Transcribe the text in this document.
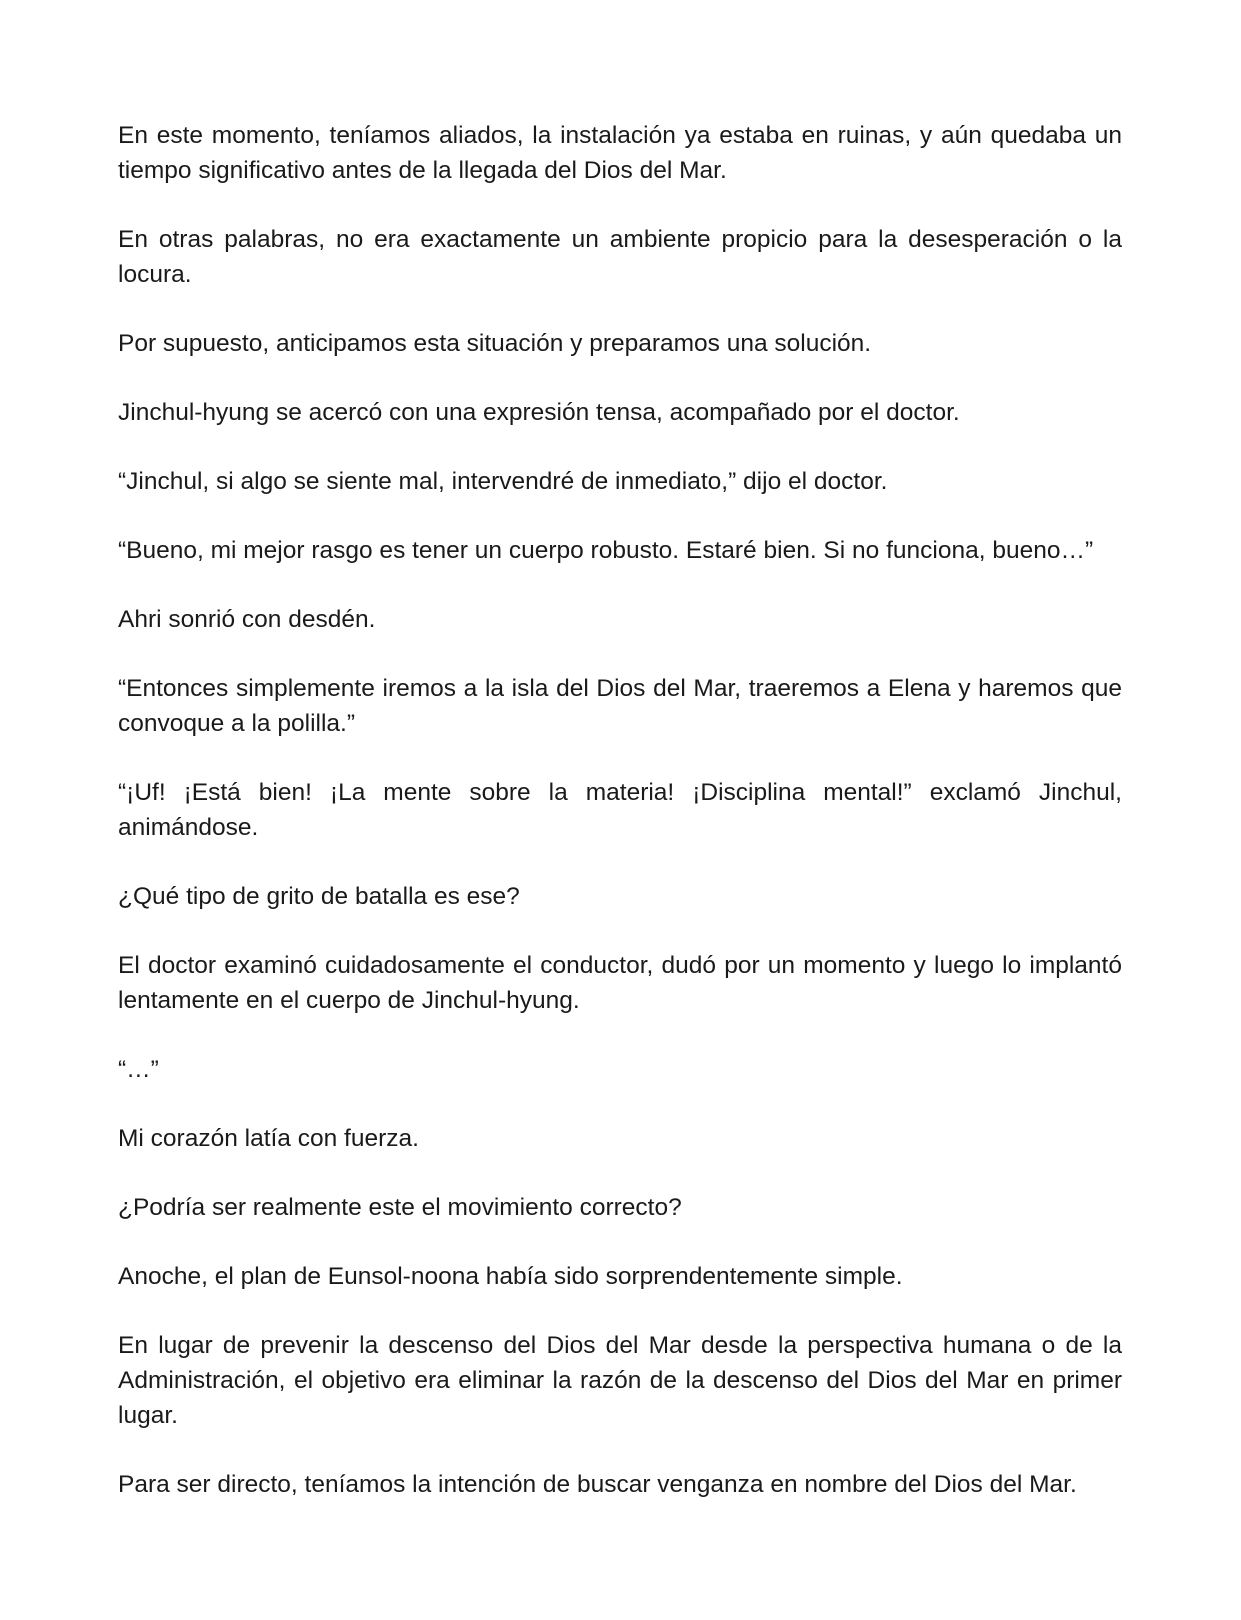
En este momento, teníamos aliados, la instalación ya estaba en ruinas, y aún quedaba un tiempo significativo antes de la llegada del Dios del Mar.

En otras palabras, no era exactamente un ambiente propicio para la desesperación o la locura.

Por supuesto, anticipamos esta situación y preparamos una solución.

Jinchul-hyung se acercó con una expresión tensa, acompañado por el doctor.

“Jinchul, si algo se siente mal, intervendré de inmediato,” dijo el doctor.

“Bueno, mi mejor rasgo es tener un cuerpo robusto. Estaré bien. Si no funciona, bueno…”

Ahri sonrió con desdén.

“Entonces simplemente iremos a la isla del Dios del Mar, traeremos a Elena y haremos que convoque a la polilla.”

“¡Uf! ¡Está bien! ¡La mente sobre la materia! ¡Disciplina mental!” exclamó Jinchul, animándose.

¿Qué tipo de grito de batalla es ese?

El doctor examinó cuidadosamente el conductor, dudó por un momento y luego lo implantó lentamente en el cuerpo de Jinchul-hyung.

“…”

Mi corazón latía con fuerza.

¿Podría ser realmente este el movimiento correcto?

Anoche, el plan de Eunsol-noona había sido sorprendentemente simple.

En lugar de prevenir la descenso del Dios del Mar desde la perspectiva humana o de la Administración, el objetivo era eliminar la razón de la descenso del Dios del Mar en primer lugar.

Para ser directo, teníamos la intención de buscar venganza en nombre del Dios del Mar.
